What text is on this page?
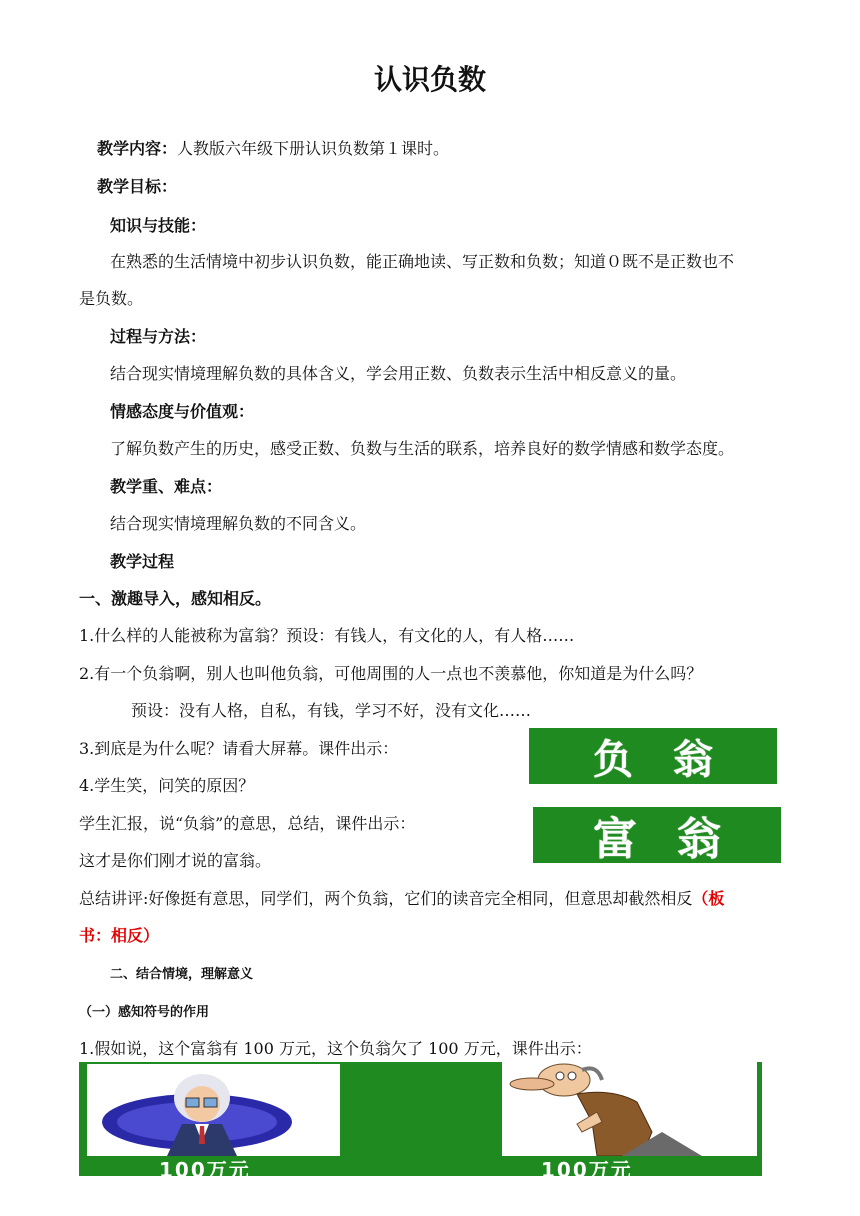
认识负数
教学内容：人教版六年级下册认识负数第１课时。
教学目标：
知识与技能：
在熟悉的生活情境中初步认识负数，能正确地读、写正数和负数；知道０既不是正数也不
是负数。
过程与方法：
结合现实情境理解负数的具体含义，学会用正数、负数表示生活中相反意义的量。
情感态度与价值观：
了解负数产生的历史，感受正数、负数与生活的联系，培养良好的数学情感和数学态度。
教学重、难点：
结合现实情境理解负数的不同含义。
教学过程
一、激趣导入，感知相反。
1.什么样的人能被称为富翁？预设：有钱人，有文化的人，有人格……
2.有一个负翁啊，别人也叫他负翁，可他周围的人一点也不羡慕他，你知道是为什么吗？
预设：没有人格，自私，有钱，学习不好，没有文化……
3.到底是为什么呢？请看大屏幕。课件出示：
4.学生笑，问笑的原因？
学生汇报，说“负翁”的意思，总结，课件出示：
这才是你们刚才说的富翁。
负翁
富翁
总结讲评:好像挺有意思，同学们，两个负翁，它们的读音完全相同，但意思却截然相反（板
书：相反）
二、结合情境，理解意义
（一）感知符号的作用
1.假如说，这个富翁有 100 万元，这个负翁欠了 100 万元，课件出示：
100万元	100万元
